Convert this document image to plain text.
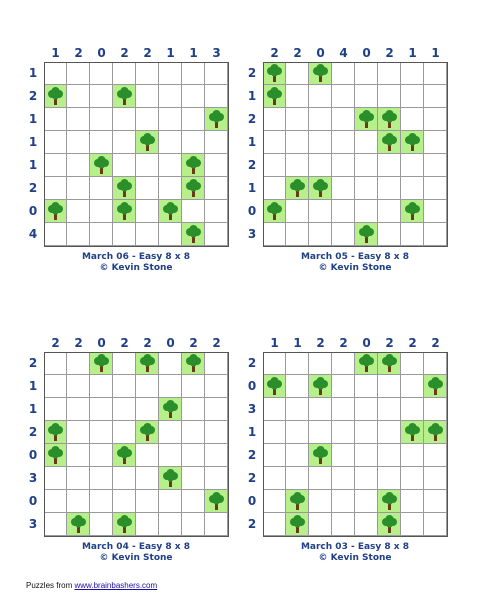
1	2	0	2	2	1	1	3
1
2
1
1
1
2
0
4
March 06 - Easy 8 x 8
© Kevin Stone
2	2	0	4	0	2	1	1
2
1
2
1
2
1
0
3
March 05 - Easy 8 x 8
© Kevin Stone
2	2	0	2	2	0	2	2
2
1
1
2
0
3
0
3
March 04 - Easy 8 x 8
© Kevin Stone
1	1	2	2	0	2	2	2
2
0
3
1
2
2
0
2
March 03 - Easy 8 x 8
© Kevin Stone
Puzzles from www.brainbashers.com
